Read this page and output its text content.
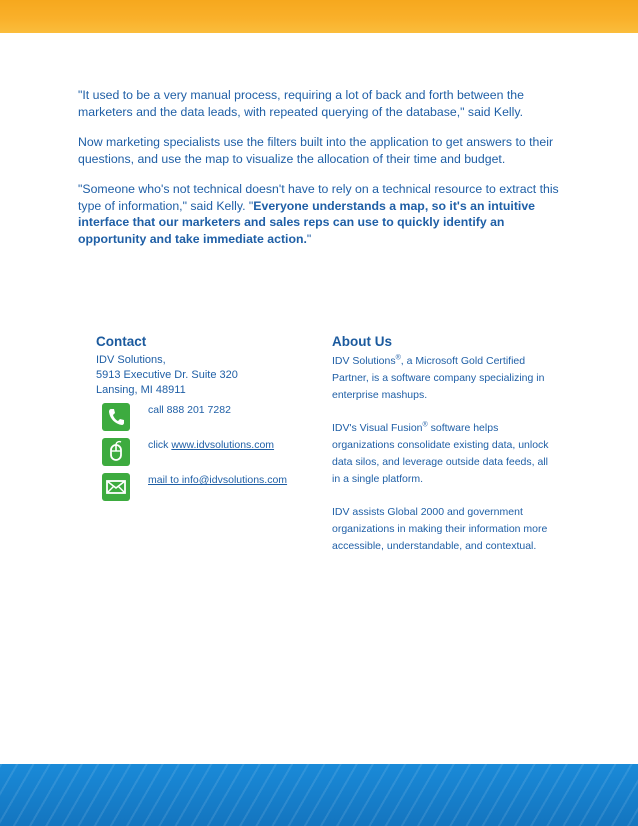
"It used to be a very manual process, requiring a lot of back and forth between the marketers and the data leads, with repeated querying of the database," said Kelly.

Now marketing specialists use the filters built into the application to get answers to their questions, and use the map to visualize the allocation of their time and budget.

"Someone who's not technical doesn't have to rely on a technical resource to extract this type of information," said Kelly. "Everyone understands a map, so it's an intuitive interface that our marketers and sales reps can use to quickly identify an opportunity and take immediate action."

Contact
IDV Solutions,
5913 Executive Dr. Suite 320
Lansing, MI 48911
call 888 201 7282
click www.idvsolutions.com
mail to info@idvsolutions.com
About Us

IDV Solutions®, a Microsoft Gold Certified Partner, is a software company specializing in enterprise mashups.

IDV's Visual Fusion® software helps organizations consolidate existing data, unlock data silos, and leverage outside data feeds, all in a single platform.

IDV assists Global 2000 and government organizations in making their information more accessible, understandable, and contextual.
